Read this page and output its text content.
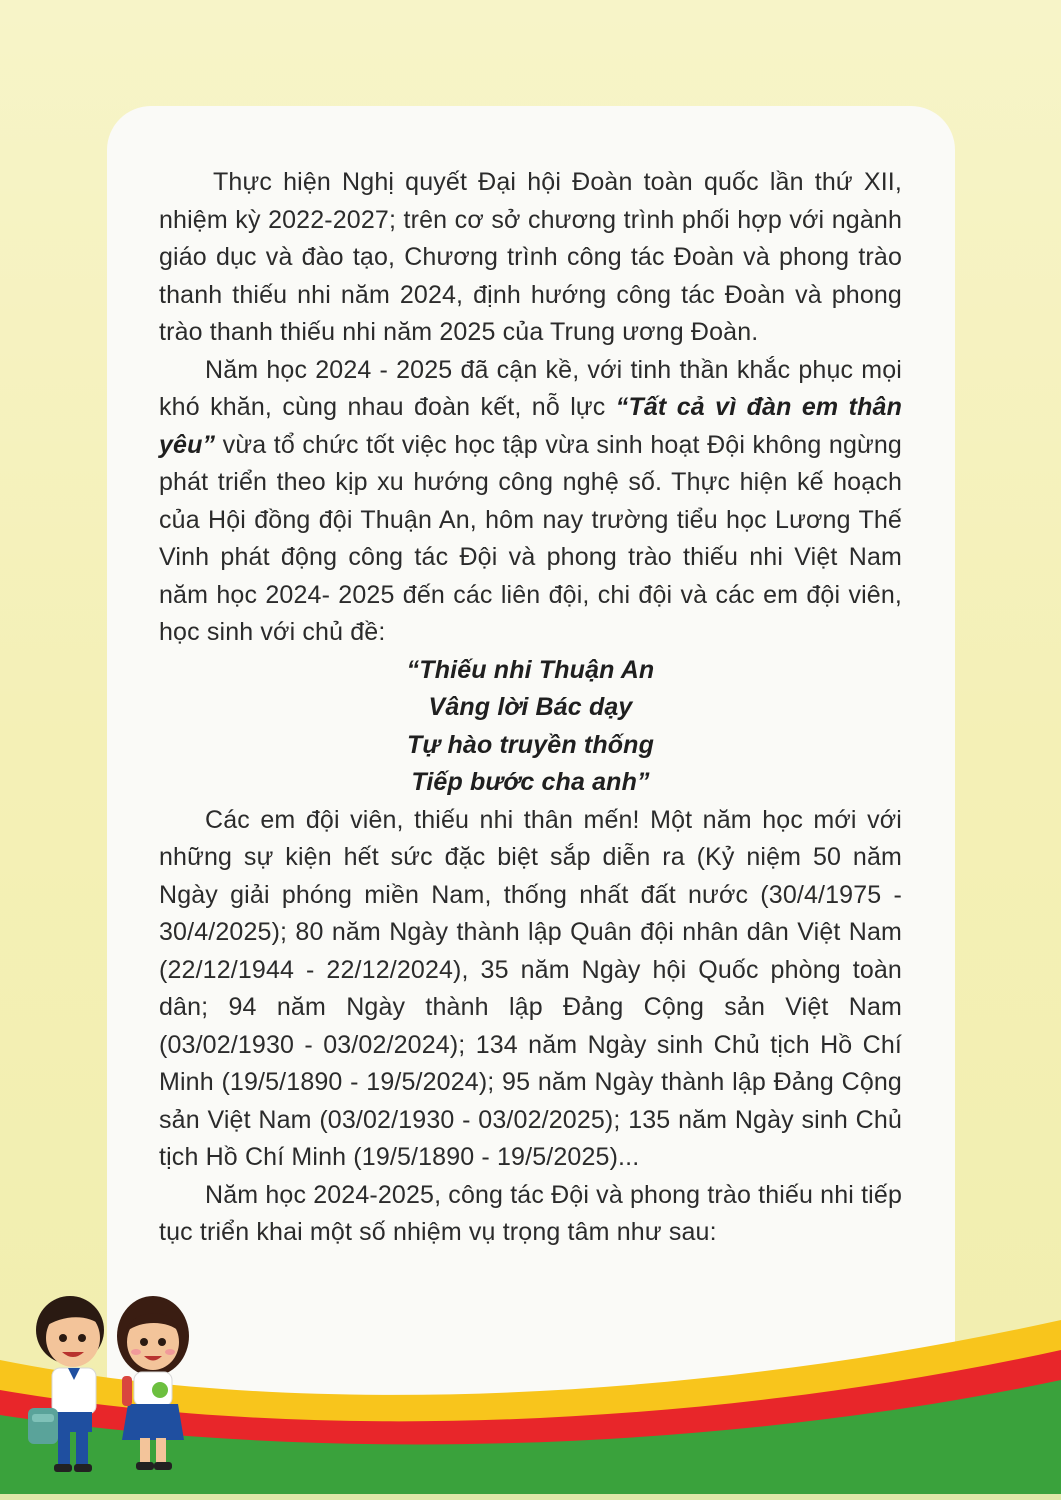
Thực hiện Nghị quyết Đại hội Đoàn toàn quốc lần thứ XII, nhiệm kỳ 2022-2027; trên cơ sở chương trình phối hợp với ngành giáo dục và đào tạo, Chương trình công tác Đoàn và phong trào thanh thiếu nhi năm 2024, định hướng công tác Đoàn và phong trào thanh thiếu nhi năm 2025 của Trung ương Đoàn.

Năm học 2024 - 2025 đã cận kề, với tinh thần khắc phục mọi khó khăn, cùng nhau đoàn kết, nỗ lực “Tất cả vì đàn em thân yêu” vừa tổ chức tốt việc học tập vừa sinh hoạt Đội không ngừng phát triển theo kịp xu hướng công nghệ số. Thực hiện kế hoạch của Hội đồng đội Thuận An, hôm nay trường tiểu học Lương Thế Vinh phát động công tác Đội và phong trào thiếu nhi Việt Nam năm học 2024- 2025 đến các liên đội, chi đội và các em đội viên, học sinh với chủ đề:

“Thiếu nhi Thuận An
Vâng lời Bác dạy
Tự hào truyền thống
Tiếp bước cha anh”

Các em đội viên, thiếu nhi thân mến! Một năm học mới với những sự kiện hết sức đặc biệt sắp diễn ra (Kỷ niệm 50 năm Ngày giải phóng miền Nam, thống nhất đất nước (30/4/1975 - 30/4/2025); 80 năm Ngày thành lập Quân đội nhân dân Việt Nam (22/12/1944 - 22/12/2024), 35 năm Ngày hội Quốc phòng toàn dân; 94 năm Ngày thành lập Đảng Cộng sản Việt Nam (03/02/1930 - 03/02/2024); 134 năm Ngày sinh Chủ tịch Hồ Chí Minh (19/5/1890 - 19/5/2024); 95 năm Ngày thành lập Đảng Cộng sản Việt Nam (03/02/1930 - 03/02/2025); 135 năm Ngày sinh Chủ tịch Hồ Chí Minh (19/5/1890 - 19/5/2025)...

Năm học 2024-2025, công tác Đội và phong trào thiếu nhi tiếp tục triển khai một số nhiệm vụ trọng tâm như sau:
